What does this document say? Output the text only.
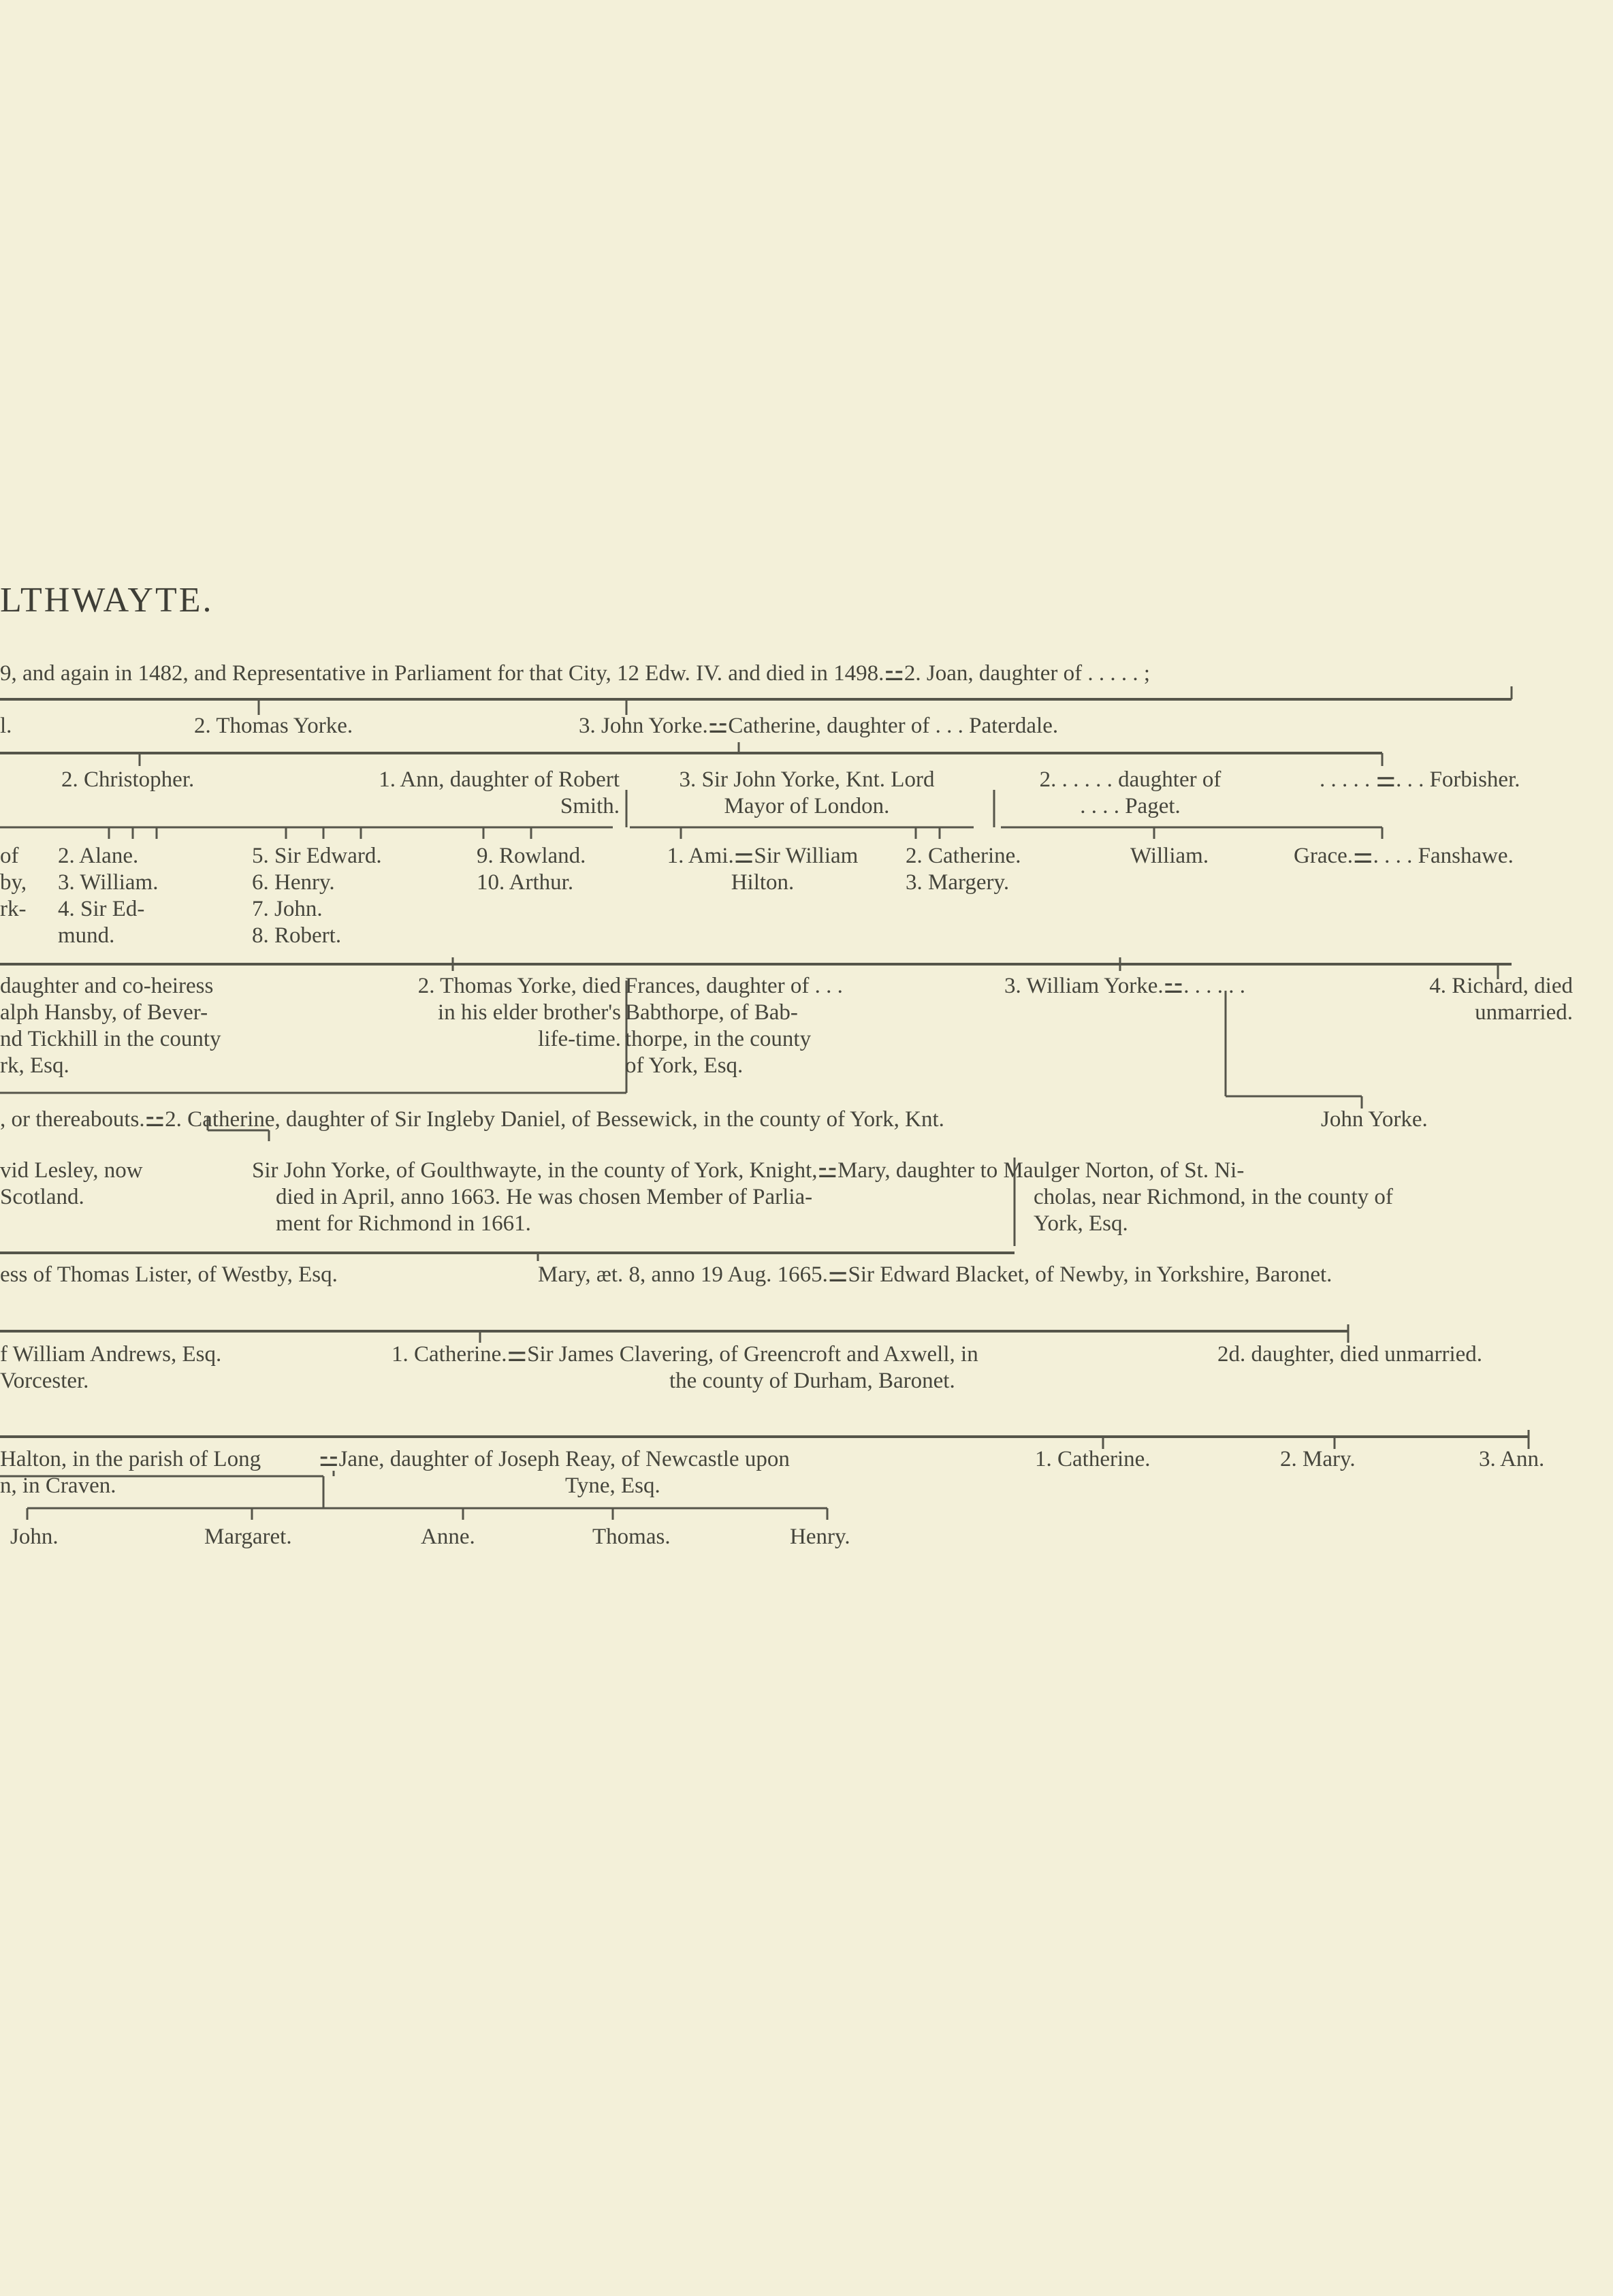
LTHWAYTE.
9, and again in 1482, and Representative in Parliament for that City, 12 Edw. IV. and died in 1498.⚍2. Joan, daughter of . . . . . ;
l.	2. Thomas Yorke.	3. John Yorke.⚍Catherine, daughter of . . . Paterdale.
2. Christopher.	1. Ann, daughter of Robert
Smith.
3. Sir John Yorke, Knt. Lord
Mayor of London.
2. . . . . . daughter of
. . . . Paget.
. . . . . ⚌. . . Forbisher.
of
by,
rk-
2. Alane.
3. William.
4. Sir Ed-
mund.
5. Sir Edward.
6. Henry.
7. John.
8. Robert.
9. Rowland.
10. Arthur.
1. Ami.⚌Sir William
Hilton.
2. Catherine.
3. Margery.
William.	Grace.⚌. . . . Fanshawe.
daughter and co-heiress
alph Hansby, of Bever-
nd Tickhill in the county
rk, Esq.
2. Thomas Yorke, died
in his elder brother's
life-time.
Frances, daughter of . . .
Babthorpe, of Bab-
thorpe, in the county
of York, Esq.
3. William Yorke.⚍. . . . . .	4. Richard, died
unmarried.
, or thereabouts.⚍2. Catherine, daughter of Sir Ingleby Daniel, of Bessewick, in the county of York, Knt.	John Yorke.
vid Lesley, now
Scotland.
Sir John Yorke, of Goulthwayte, in the county of York, Knight,⚍Mary, daughter to Maulger Norton, of St. Ni-
died in April, anno 1663. He was chosen Member of Parlia-
ment for Richmond in 1661.
cholas, near Richmond, in the county of
York, Esq.
ess of Thomas Lister, of Westby, Esq.	Mary, æt. 8, anno 19 Aug. 1665.⚌Sir Edward Blacket, of Newby, in Yorkshire, Baronet.
f William Andrews, Esq.
Vorcester.
1. Catherine.⚌Sir James Clavering, of Greencroft and Axwell, in
the county of Durham, Baronet.
2d. daughter, died unmarried.
Halton, in the parish of Long
n, in Craven.
⚍Jane, daughter of Joseph Reay, of Newcastle upon
Tyne, Esq.
1. Catherine.	2. Mary.	3. Ann.
John.	Margaret.	Anne.	Thomas.	Henry.
